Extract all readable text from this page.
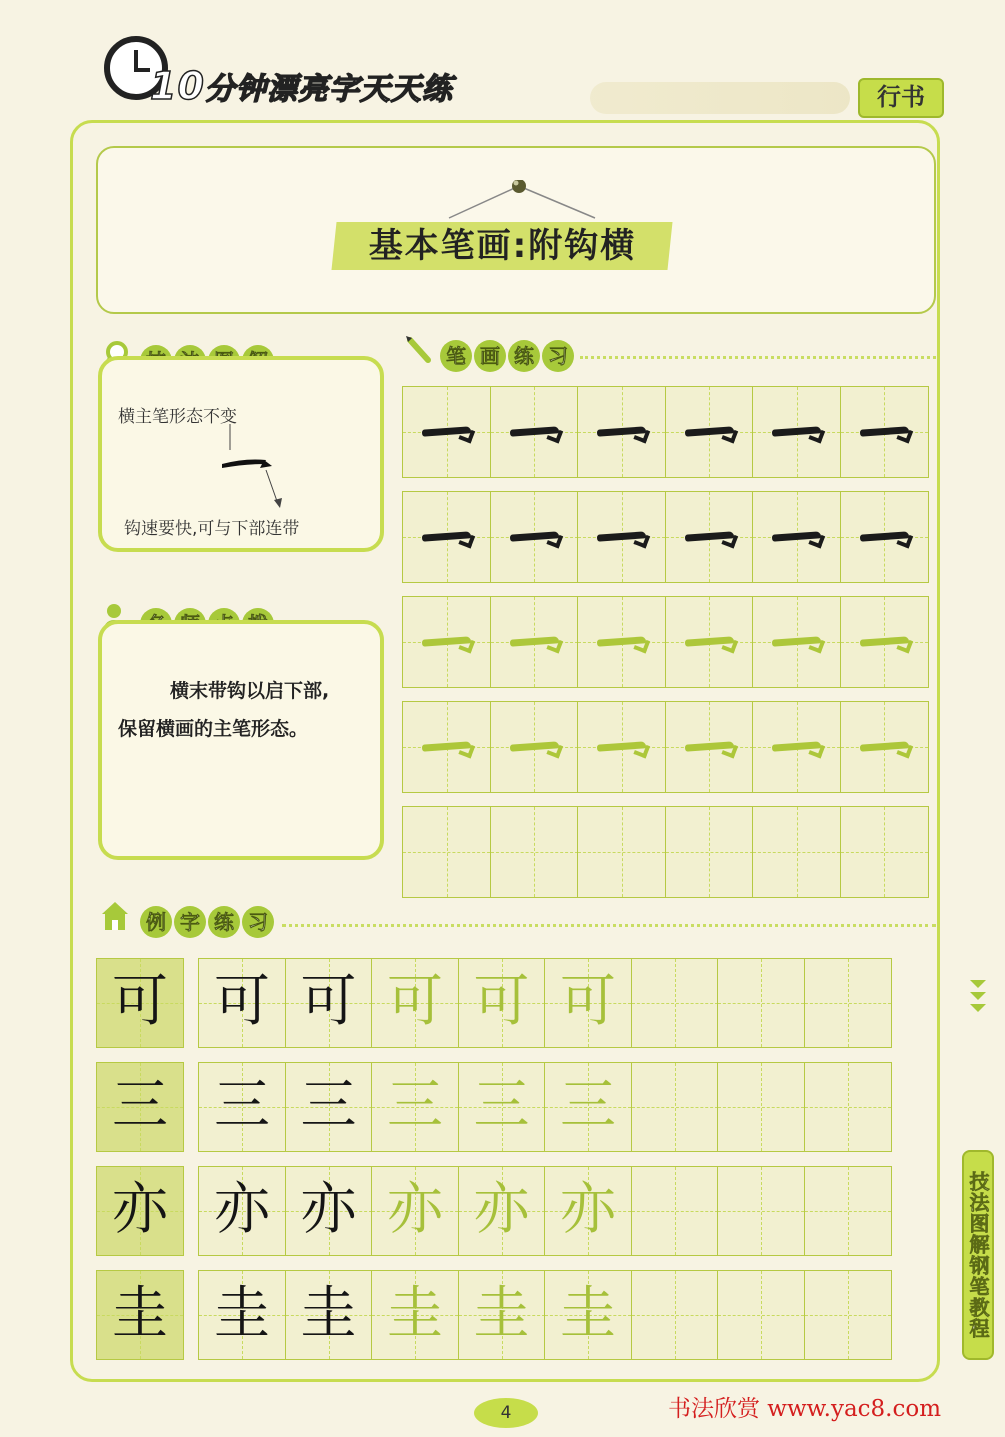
10分钟漂亮字天天练	行书
基本笔画:附钩横
横主笔形态不变
钩速要快,可与下部连带
横末带钩以启下部,
保留横画的主笔形态。
笔 画 练 习
例 字 练 习
可 可 可 可 可 可
三 三 三 三 三 三
亦 亦 亦 亦 亦 亦
圭 圭 圭 圭 圭 圭	技法图解钢笔教程
4	书法欣赏 www.yac8.com
